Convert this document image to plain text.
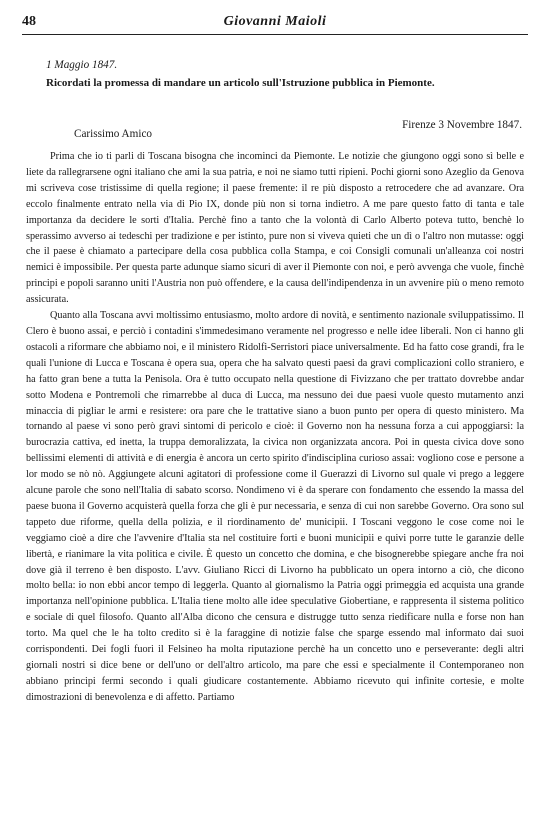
48	Giovanni Maioli
1 Maggio 1847.
Ricordati la promessa di mandare un articolo sull'Istruzione pubblica in Piemonte.
Firenze 3 Novembre 1847.
Carissimo Amico

Prima che io ti parli di Toscana bisogna che incominci da Piemonte. Le notizie che giungono oggi sono sì belle e liete da rallegrarsene ogni italiano che ami la sua patria, e noi ne siamo tutti ripieni. Pochi giorni sono Azeglio da Genova mi scriveva cose tristissime di quella regione; il paese fremente: il re più disposto a retrocedere che ad avanzare. Ora eccolo finalmente entrato nella via di Pio IX, donde più non si torna indietro. A me pare questo fatto di tanta e tale importanza da decidere le sorti d'Italia. Perchè fino a tanto che la volontà di Carlo Alberto poteva tutto, benchè lo sperassimo avverso ai tedeschi per tradizione e per istinto, pure non si viveva quieti che un dì o l'altro non mutasse: oggi che il paese è chiamato a partecipare della cosa pubblica colla Stampa, e coi Consigli comunali un'alleanza coi nostri nemici è impossibile. Per questa parte adunque siamo sicuri di aver il Piemonte con noi, e però avvenga che vuole, finchè principi e popoli saranno uniti l'Austria non può offendere, e la causa dell'indipendenza in un avvenire più o meno remoto assicurata.

Quanto alla Toscana avvi moltissimo entusiasmo, molto ardore di novità, e sentimento nazionale sviluppatissimo. Il Clero è buono assai, e perciò i contadini s'immedesimano veramente nel progresso e nelle idee liberali. Non ci hanno gli ostacoli a riformare che abbiamo noi, e il ministero Ridolfi-Serristori piace universalmente. Ed ha fatto cose grandi, fra le quali l'unione di Lucca e Toscana è opera sua, opera che ha salvato questi paesi da gravi complicazioni collo straniero, e ha fatto gran bene a tutta la Penisola. Ora è tutto occupato nella questione di Fivizzano che per trattato dovrebbe andar sotto Modena e Pontremoli che rimarrebbe al duca di Lucca, ma nessuno dei due paesi vuole questo mutamento anzi minaccia di pigliar le armi e resistere: ora pare che le trattative siano a buon punto per opera di questo ministero. Ma tornando al paese vi sono però gravi sintomi di pericolo e cioè: il Governo non ha nessuna forza a cui appoggiarsi: la burocrazia cattiva, ed inetta, la truppa demoralizzata, la civica non organizzata ancora. Poi in questa civica dove sono bellissimi elementi di attività e di energia è ancora un certo spirito d'indisciplina curioso assai: vogliono cose e persone a lor modo se nò nò. Aggiungete alcuni agitatori di professione come il Guerazzi di Livorno sul quale vi prego a leggere alcune parole che sono nell'Italia di sabato scorso. Nondimeno vi è da sperare con fondamento che essendo la massa del paese buona il Governo acquisterà quella forza che gli è pur necessaria, e senza di cui non sarebbe Governo. Ora sono sul tappeto due riforme, quella della polizia, e il riordinamento de' municipii. I Toscani veggono le cose come noi le veggiamo cioè a dire che l'avvenire d'Italia sta nel costituire forti e buoni municipii e quivi porre tutte le garanzie delle libertà, e rianimare la vita politica e civile. È questo un concetto che domina, e che bisognerebbe spiegare anche fra noi dove già il terreno è ben disposto. L'avv. Giuliano Ricci di Livorno ha pubblicato un opera intorno a ciò, che dicono molto bella: io non ebbi ancor tempo di leggerla. Quanto al giornalismo la Patria oggi primeggia ed acquista una grande importanza nell'opinione pubblica. L'Italia tiene molto alle idee speculative Giobertiane, e rappresenta il sistema politico e sociale di quel filosofo. Quanto all'Alba dicono che censura e distrugge tutto senza riedificare nulla e forse non han torto. Ma quel che le ha tolto credito si è la faraggine di notizie false che sparge essendo mal informato dai suoi corrispondenti. Dei fogli fuori il Felsineo ha molta riputazione perchè ha un concetto uno e perseverante: degli altri giornali nostri si dice bene or dell'uno or dell'altro articolo, ma pare che essi e specialmente il Contemporaneo non abbiano principi fermi secondo i quali giudicare costantemente. Abbiamo ricevuto qui infinite cortesie, e molte dimostrazioni di benevolenza e di affetto. Partiamo
